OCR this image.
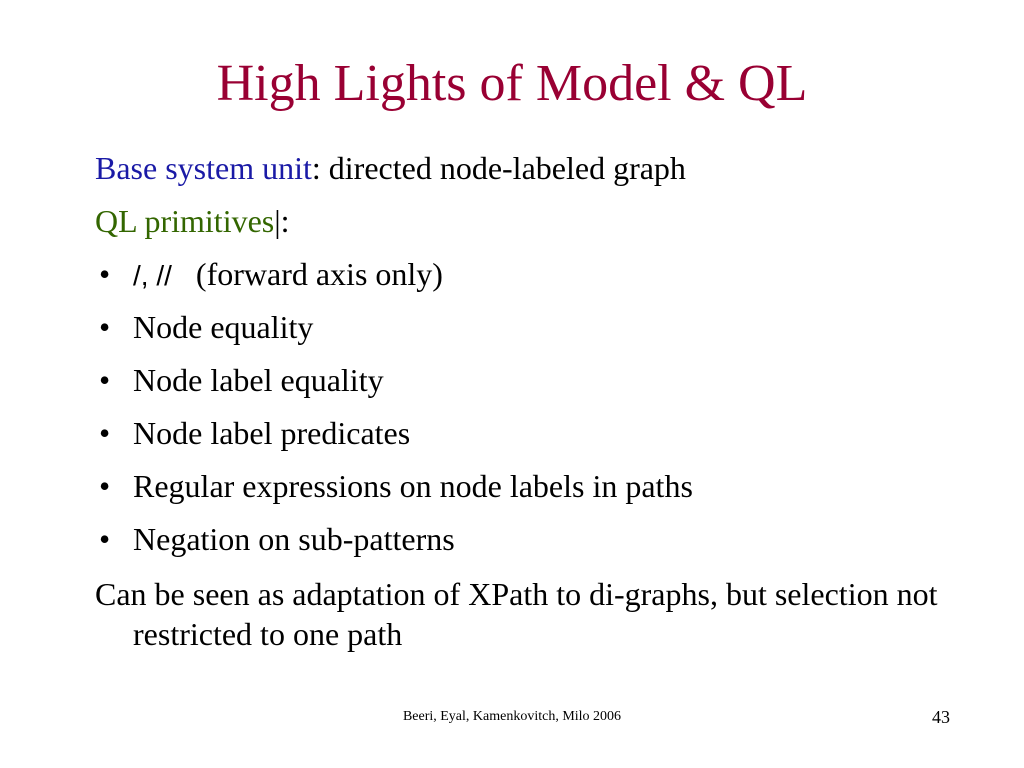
High Lights of Model & QL
Base system unit: directed node-labeled graph
QL primitives|:
• /, //   (forward axis only)
• Node equality
• Node label equality
• Node label predicates
• Regular expressions on node labels in paths
• Negation on sub-patterns
Can be seen as adaptation of XPath to di-graphs, but selection not restricted to one path
Beeri, Eyal, Kamenkovitch, Milo 2006	43
